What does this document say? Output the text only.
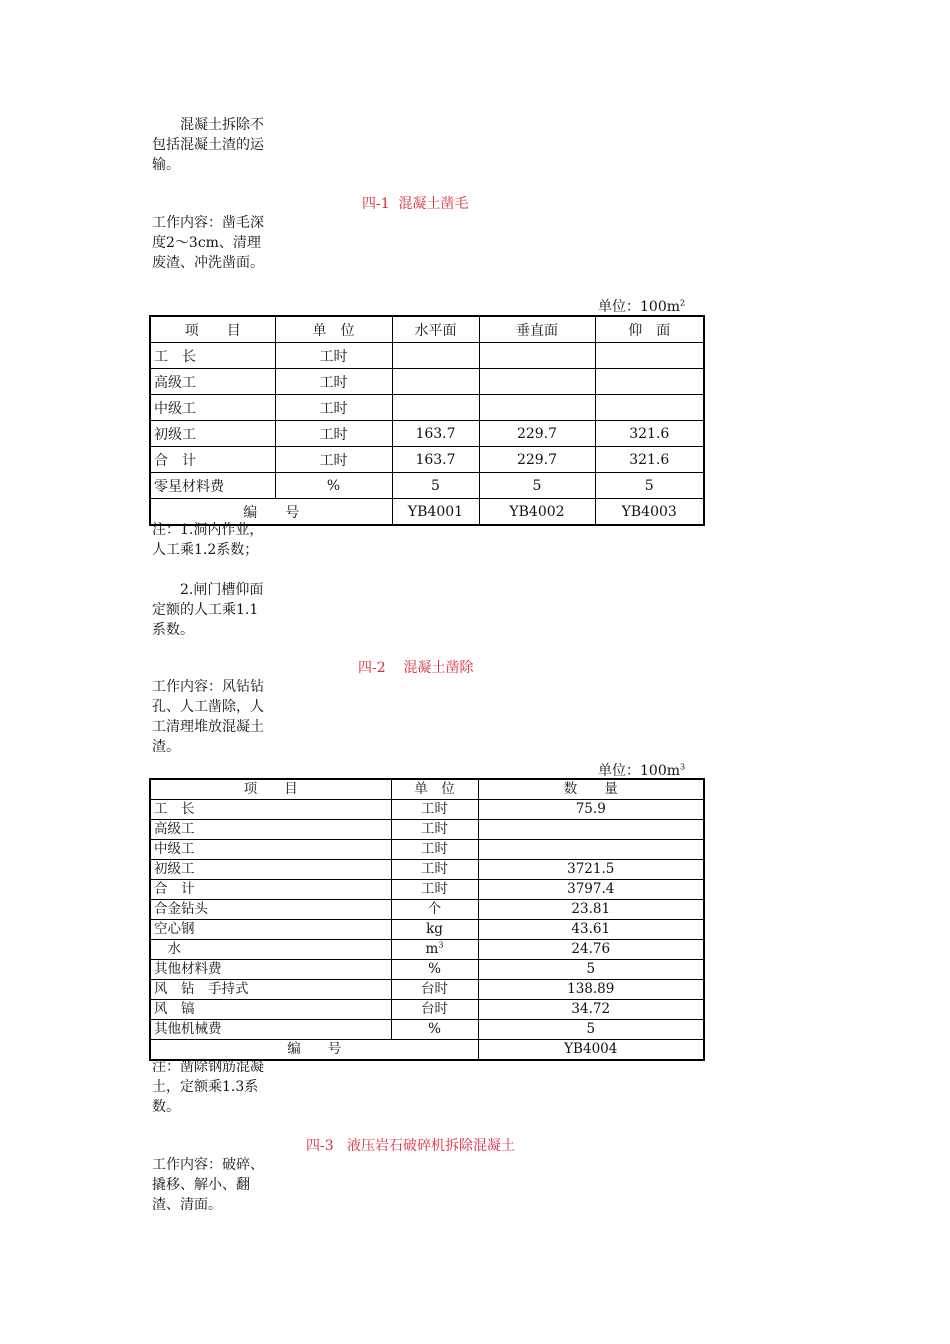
混凝土拆除不包括混凝土渣的运输。
四-1  混凝土凿毛
工作内容：凿毛深度2～3cm、清理废渣、冲洗凿面。
单位：$100m^2$
项　　目	单　位	水平面	垂直面	仰　面
工　长	工时			
高级工	工时			
中级工	工时			
初级工	工时	163.7	229.7	321.6
合　计	工时	163.7	229.7	321.6
零星材料费	%	5	5	5
编　　号		YB4001	YB4002	YB4003
注：1.洞内作业，人工乘1.2系数；
2.闸门槽仰面定额的人工乘1.1系数。
四-2    混凝土凿除
工作内容：风钻钻孔、人工凿除，人工清理堆放混凝土渣。
单位：$100m^3$
项　　目	单　位	数　　量
工　长	工时	75.9
高级工	工时	
中级工	工时	
初级工	工时	3721.5
合　计	工时	3797.4
合金钻头	个	23.81
空心钢	kg	43.61
　水	$m^3$	24.76
其他材料费	%	5
风　钻　手持式	台时	138.89
风　镐	台时	34.72
其他机械费	%	5
编　　号		YB4004
注：凿除钢筋混凝土，定额乘1.3系数。
四-3   液压岩石破碎机拆除混凝土
工作内容：破碎、撬移、解小、翻渣、清面。
